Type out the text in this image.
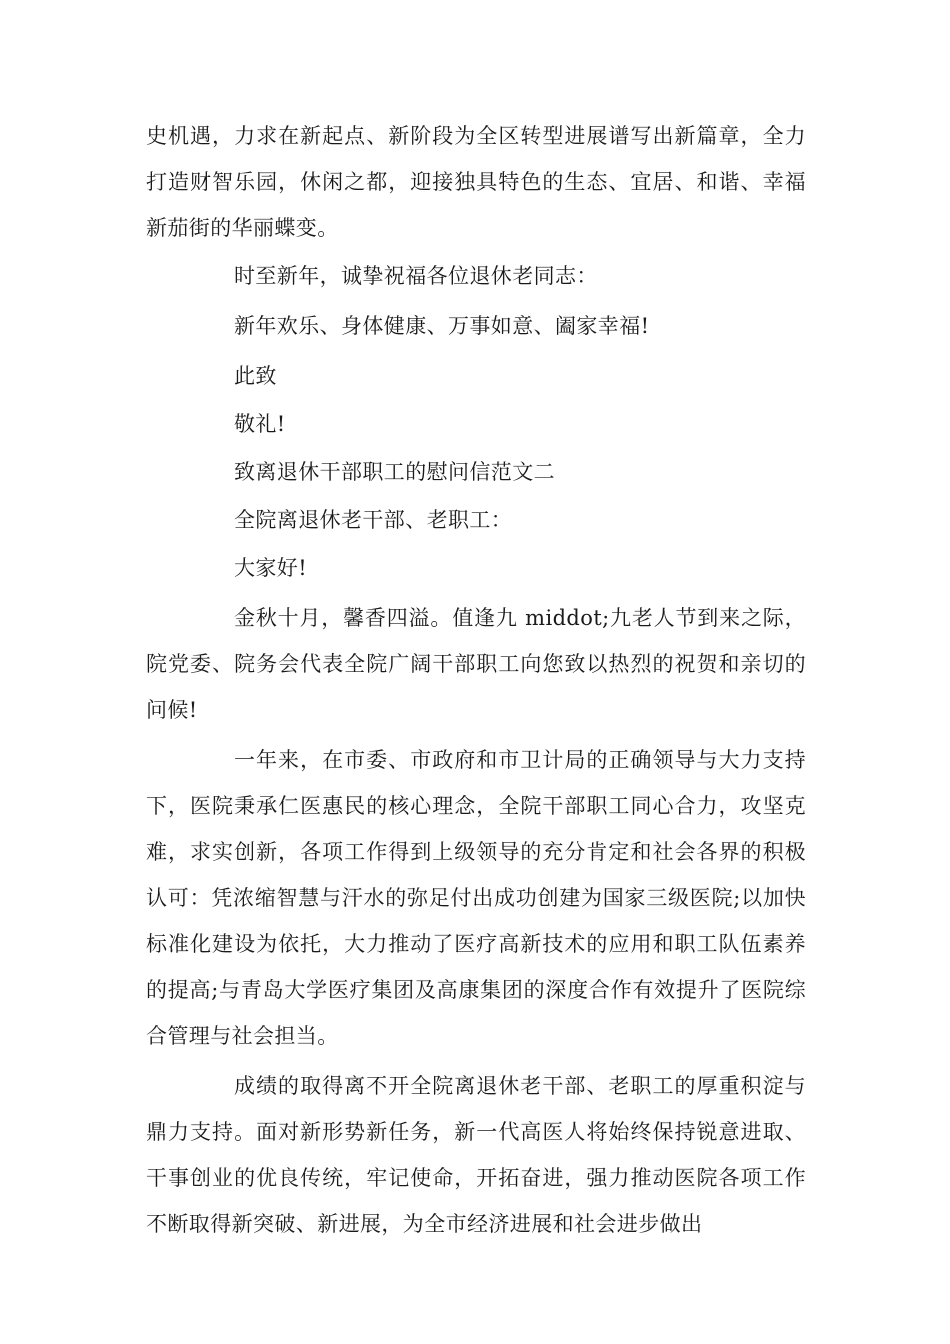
史机遇，力求在新起点、新阶段为全区转型进展谱写出新篇章，全力打造财智乐园，休闲之都，迎接独具特色的生态、宜居、和谐、幸福新茄街的华丽蝶变。

时至新年，诚挚祝福各位退休老同志：

新年欢乐、身体健康、万事如意、阖家幸福!

此致

敬礼!

致离退休干部职工的慰问信范文二

全院离退休老干部、老职工：

大家好!

金秋十月，馨香四溢。值逢九 middot;九老人节到来之际，院党委、院务会代表全院广阔干部职工向您致以热烈的祝贺和亲切的问候!

一年来，在市委、市政府和市卫计局的正确领导与大力支持下，医院秉承仁医惠民的核心理念，全院干部职工同心合力，攻坚克难，求实创新，各项工作得到上级领导的充分肯定和社会各界的积极认可：凭浓缩智慧与汗水的弥足付出成功创建为国家三级医院;以加快标准化建设为依托，大力推动了医疗高新技术的应用和职工队伍素养的提高;与青岛大学医疗集团及高康集团的深度合作有效提升了医院综合管理与社会担当。

成绩的取得离不开全院离退休老干部、老职工的厚重积淀与鼎力支持。面对新形势新任务，新一代高医人将始终保持锐意进取、干事创业的优良传统，牢记使命，开拓奋进，强力推动医院各项工作不断取得新突破、新进展，为全市经济进展和社会进步做出
